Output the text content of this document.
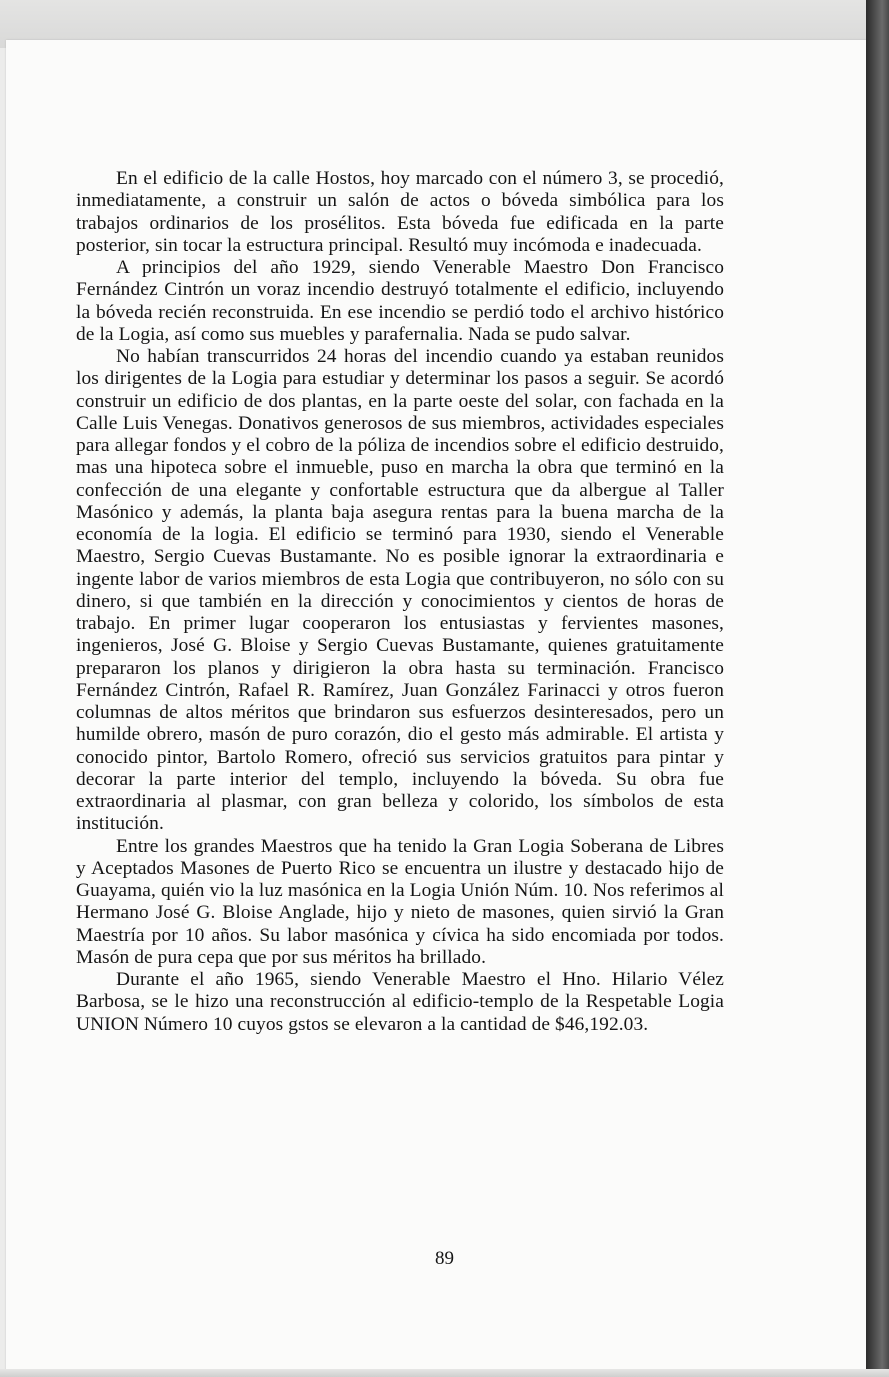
En el edificio de la calle Hostos, hoy marcado con el número 3, se procedió, inmediatamente, a construir un salón de actos o bóveda simbólica para los trabajos ordinarios de los prosélitos. Esta bóveda fue edificada en la parte posterior, sin tocar la estructura principal. Resultó muy incómoda e inadecuada.

A principios del año 1929, siendo Venerable Maestro Don Francisco Fernández Cintrón un voraz incendio destruyó totalmente el edificio, incluyendo la bóveda recién reconstruida. En ese incendio se perdió todo el archivo histórico de la Logia, así como sus muebles y parafernalia. Nada se pudo salvar.

No habían transcurridos 24 horas del incendio cuando ya estaban reunidos los dirigentes de la Logia para estudiar y determinar los pasos a seguir. Se acordó construir un edificio de dos plantas, en la parte oeste del solar, con fachada en la Calle Luis Venegas. Donativos generosos de sus miembros, actividades especiales para allegar fondos y el cobro de la póliza de incendios sobre el edificio destruido, mas una hipoteca sobre el inmueble, puso en marcha la obra que terminó en la confección de una elegante y confortable estructura que da albergue al Taller Masónico y además, la planta baja asegura rentas para la buena marcha de la economía de la logia. El edificio se terminó para 1930, siendo el Venerable Maestro, Sergio Cuevas Bustamante. No es posible ignorar la extraordinaria e ingente labor de varios miembros de esta Logia que contribuyeron, no sólo con su dinero, si que también en la dirección y conocimientos y cientos de horas de trabajo. En primer lugar cooperaron los entusiastas y fervientes masones, ingenieros, José G. Bloise y Sergio Cuevas Bustamante, quienes gratuitamente prepararon los planos y dirigieron la obra hasta su terminación. Francisco Fernández Cintrón, Rafael R. Ramírez, Juan González Farinacci y otros fueron columnas de altos méritos que brindaron sus esfuerzos desinteresados, pero un humilde obrero, masón de puro corazón, dio el gesto más admirable. El artista y conocido pintor, Bartolo Romero, ofreció sus servicios gratuitos para pintar y decorar la parte interior del templo, incluyendo la bóveda. Su obra fue extraordinaria al plasmar, con gran belleza y colorido, los símbolos de esta institución.

Entre los grandes Maestros que ha tenido la Gran Logia Soberana de Libres y Aceptados Masones de Puerto Rico se encuentra un ilustre y destacado hijo de Guayama, quién vio la luz masónica en la Logia Unión Núm. 10. Nos referimos al Hermano José G. Bloise Anglade, hijo y nieto de masones, quien sirvió la Gran Maestría por 10 años. Su labor masónica y cívica ha sido encomiada por todos. Masón de pura cepa que por sus méritos ha brillado.

Durante el año 1965, siendo Venerable Maestro el Hno. Hilario Vélez Barbosa, se le hizo una reconstrucción al edificio-templo de la Respetable Logia UNION Número 10 cuyos gstos se elevaron a la cantidad de $46,192.03.

89
